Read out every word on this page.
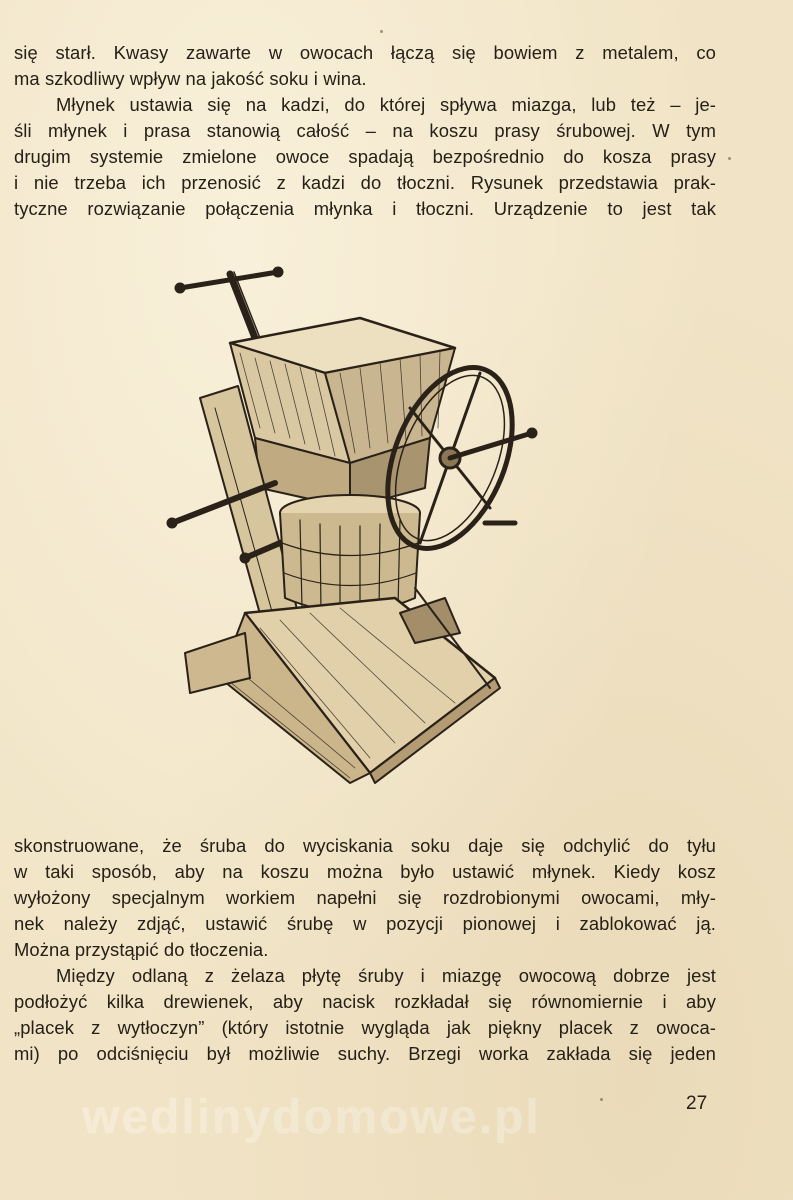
się starł. Kwasy zawarte w owocach łączą się bowiem z metalem, co
ma szkodliwy wpływ na jakość soku i wina.
Młynek ustawia się na kadzi, do której spływa miazga, lub też – je-
śli młynek i prasa stanowią całość – na koszu prasy śrubowej. W tym
drugim systemie zmielone owoce spadają bezpośrednio do kosza prasy
i nie trzeba ich przenosić z kadzi do tłoczni. Rysunek przedstawia prak-
tyczne rozwiązanie połączenia młynka i tłoczni. Urządzenie to jest tak
skonstruowane, że śruba do wyciskania soku daje się odchylić do tyłu
w taki sposób, aby na koszu można było ustawić młynek. Kiedy kosz
wyłożony specjalnym workiem napełni się rozdrobionymi owocami, mły-
nek należy zdjąć, ustawić śrubę w pozycji pionowej i zablokować ją.
Można przystąpić do tłoczenia.
Między odlaną z żelaza płytę śruby i miazgę owocową dobrze jest
podłożyć kilka drewienek, aby nacisk rozkładał się równomiernie i aby
„placek z wytłoczyn” (który istotnie wygląda jak piękny placek z owoca-
mi) po odciśnięciu był możliwie suchy. Brzegi worka zakłada się jeden
wedlinydomowe.pl	27
